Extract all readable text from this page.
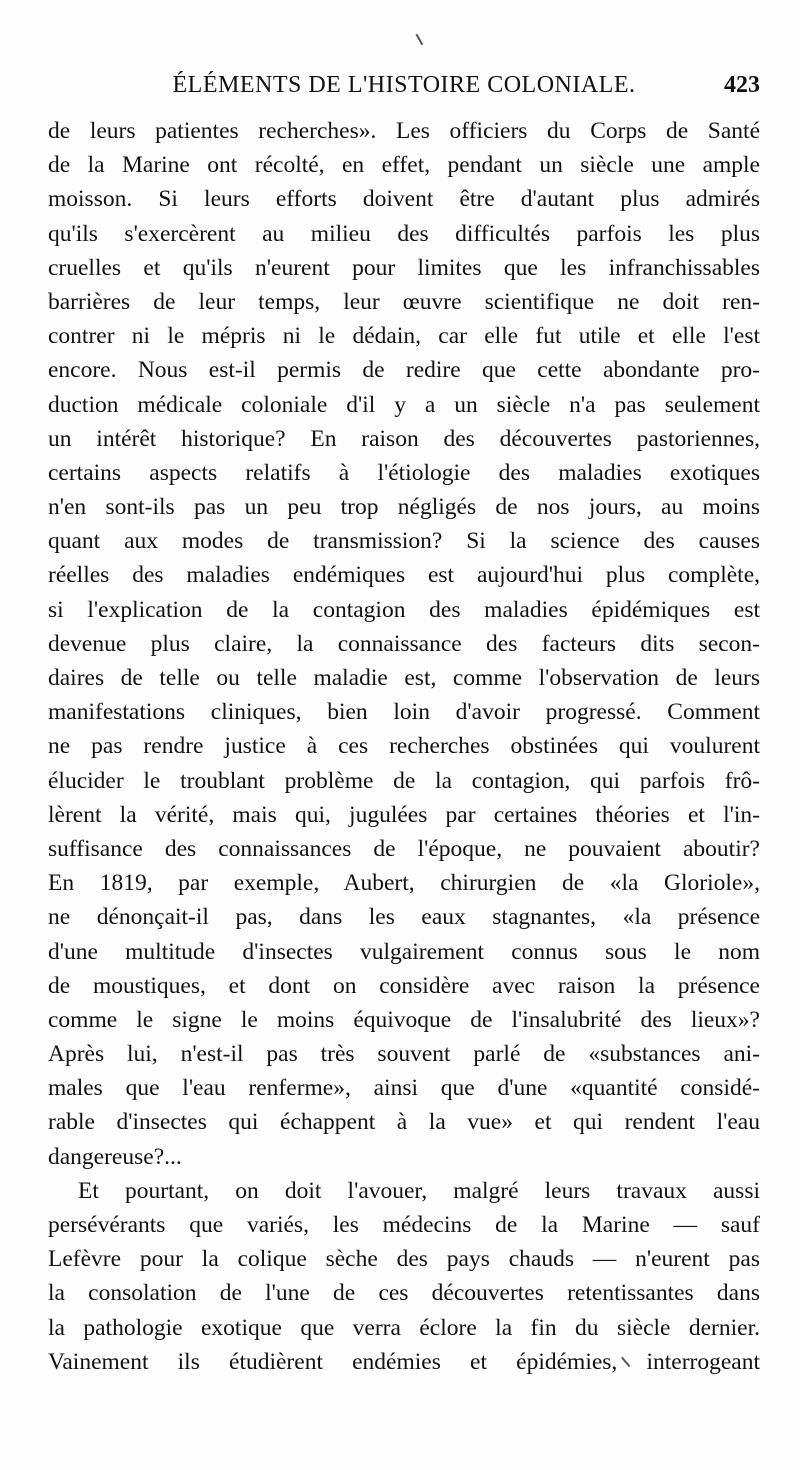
ÉLÉMENTS DE L'HISTOIRE COLONIALE.	423
de leurs patientes recherches». Les officiers du Corps de Santé
de la Marine ont récolté, en effet, pendant un siècle une ample
moisson. Si leurs efforts doivent être d'autant plus admirés
qu'ils s'exercèrent au milieu des difficultés parfois les plus
cruelles et qu'ils n'eurent pour limites que les infranchissables
barrières de leur temps, leur œuvre scientifique ne doit ren-
contrer ni le mépris ni le dédain, car elle fut utile et elle l'est
encore. Nous est-il permis de redire que cette abondante pro-
duction médicale coloniale d'il y a un siècle n'a pas seulement
un intérêt historique? En raison des découvertes pastoriennes,
certains aspects relatifs à l'étiologie des maladies exotiques
n'en sont-ils pas un peu trop négligés de nos jours, au moins
quant aux modes de transmission? Si la science des causes
réelles des maladies endémiques est aujourd'hui plus complète,
si l'explication de la contagion des maladies épidémiques est
devenue plus claire, la connaissance des facteurs dits secon-
daires de telle ou telle maladie est, comme l'observation de leurs
manifestations cliniques, bien loin d'avoir progressé. Comment
ne pas rendre justice à ces recherches obstinées qui voulurent
élucider le troublant problème de la contagion, qui parfois frô-
lèrent la vérité, mais qui, jugulées par certaines théories et l'in-
suffisance des connaissances de l'époque, ne pouvaient aboutir?
En 1819, par exemple, Aubert, chirurgien de «la Gloriole»,
ne dénonçait-il pas, dans les eaux stagnantes, «la présence
d'une multitude d'insectes vulgairement connus sous le nom
de moustiques, et dont on considère avec raison la présence
comme le signe le moins équivoque de l'insalubrité des lieux»?
Après lui, n'est-il pas très souvent parlé de «substances ani-
males que l'eau renferme», ainsi que d'une «quantité considé-
rable d'insectes qui échappent à la vue» et qui rendent l'eau
dangereuse?...
Et pourtant, on doit l'avouer, malgré leurs travaux aussi
persévérants que variés, les médecins de la Marine — sauf
Lefèvre pour la colique sèche des pays chauds — n'eurent pas
la consolation de l'une de ces découvertes retentissantes dans
la pathologie exotique que verra éclore la fin du siècle dernier.
Vainement ils étudièrent endémies et épidémies, interrogeant
